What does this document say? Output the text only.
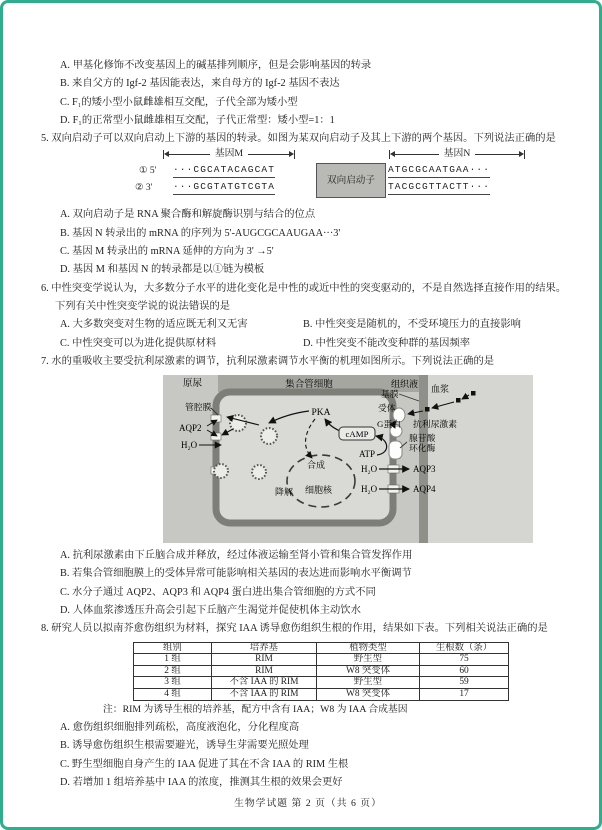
A. 甲基化修饰不改变基因上的碱基排列顺序，但是会影响基因的转录
B. 来自父方的 Igf-2 基因能表达，来自母方的 Igf-2 基因不表达
C. F₁的矮小型小鼠雌雄相互交配，子代全部为矮小型
D. F₁的正常型小鼠雌雄相互交配，子代正常型：矮小型=1：1
5. 双向启动子可以双向启动上下游的基因的转录。如图为某双向启动子及其上下游的两个基因。下列说法正确的是
基因M	基因N
① 5'
② 3'
···CGCATACAGCAT	ATGCGCAATGAA···
···GCGTATGTCGTA	TACGCGTTACTT···
双向启动子
A. 双向启动子是 RNA 聚合酶和解旋酶识别与结合的位点
B. 基因 N 转录出的 mRNA 的序列为 5'-AUGCGCAAUGAA···3'
C. 基因 M 转录出的 mRNA 延伸的方向为 3' →5'
D. 基因 M 和基因 N 的转录都是以①链为模板
6. 中性突变学说认为，大多数分子水平的进化变化是中性的或近中性的突变驱动的，不是自然选择直接作用的结果。
下列有关中性突变学说的说法错误的是
A. 大多数突变对生物的适应既无利又无害	B. 中性突变是随机的，不受环境压力的直接影响
C. 中性突变可以为进化提供原材料	D. 中性突变不能改变种群的基因频率
7. 水的重吸收主要受抗利尿激素的调节，抗利尿激素调节水平衡的机理如图所示。下列说法正确的是
原尿	集合管细胞
管腔膜
AQP2
H₂O
PKA
G蛋白
cAMP
ATP
合成
降解 细胞核
组织液
基膜	血浆
受体
抗利尿激素
腺苷酸
环化酶
H₂O	AQP3
H₂O	AQP4
A. 抗利尿激素由下丘脑合成并释放，经过体液运输至肾小管和集合管发挥作用
B. 若集合管细胞膜上的受体异常可能影响相关基因的表达进而影响水平衡调节
C. 水分子通过 AQP2、AQP3 和 AQP4 蛋白进出集合管细胞的方式不同
D. 人体血浆渗透压升高会引起下丘脑产生渴觉并促使机体主动饮水
8. 研究人员以拟南芥愈伤组织为材料，探究 IAA 诱导愈伤组织生根的作用，结果如下表。下列相关说法正确的是
组别	培养基	植物类型	生根数（条）
1 组	RIM	野生型	75
2 组	RIM	W8 突变体	60
3 组	不含 IAA 的 RIM	野生型	59
4 组	不含 IAA 的 RIM	W8 突变体	17
注：RIM 为诱导生根的培养基，配方中含有 IAA；W8 为 IAA 合成基因
A. 愈伤组织细胞排列疏松，高度液泡化，分化程度高
B. 诱导愈伤组织生根需要避光，诱导生芽需要光照处理
C. 野生型细胞自身产生的 IAA 促进了其在不含 IAA 的 RIM 生根
D. 若增加 1 组培养基中 IAA 的浓度，推测其生根的效果会更好
生物学试题 第 2 页（共 6 页）
